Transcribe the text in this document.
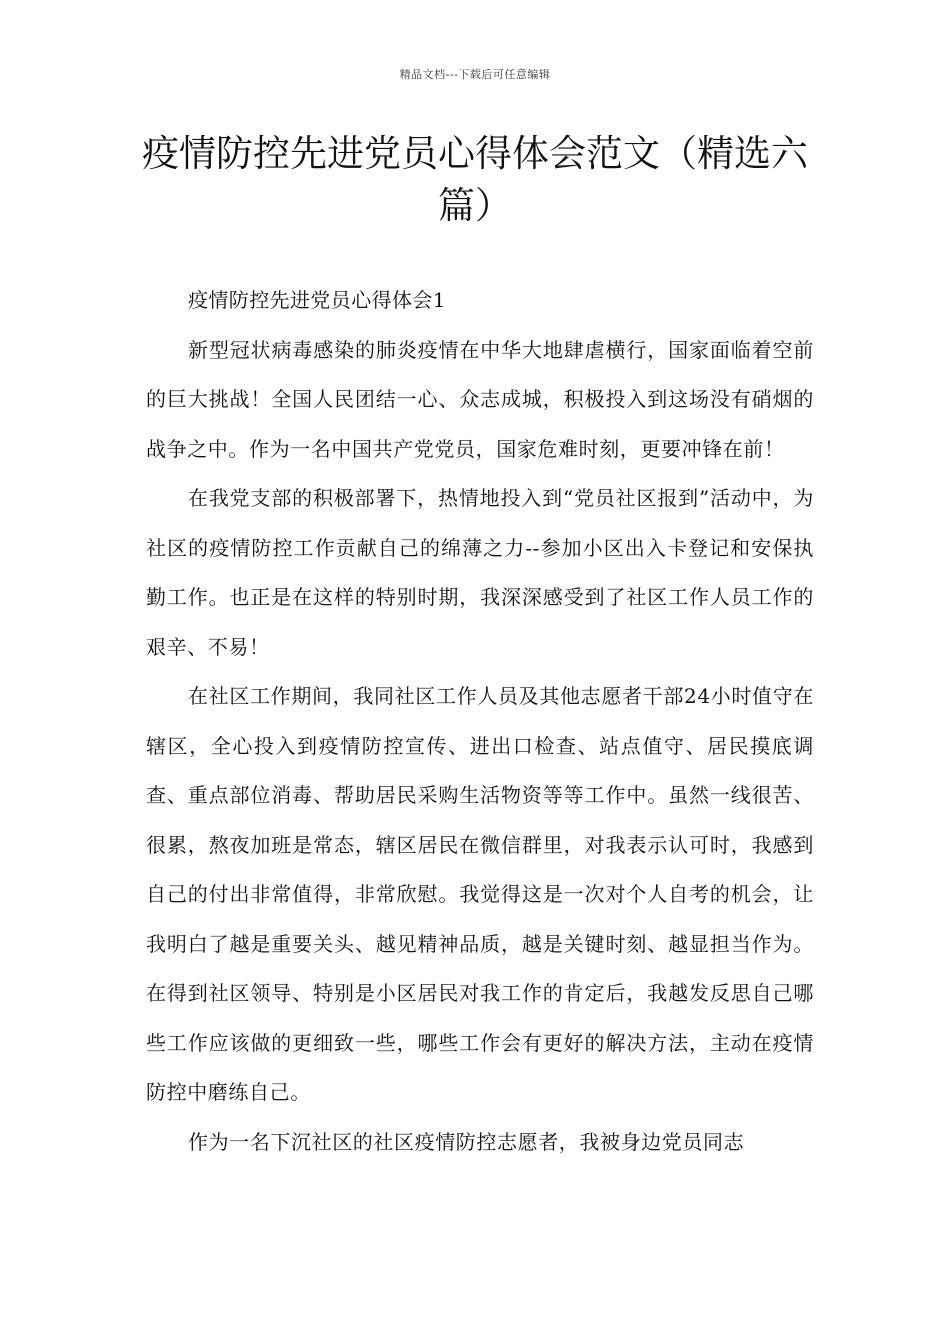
精品文档---下载后可任意编辑
疫情防控先进党员心得体会范文（精选六篇）

疫情防控先进党员心得体会1

新型冠状病毒感染的肺炎疫情在中华大地肆虐横行，国家面临着空前的巨大挑战！全国人民团结一心、众志成城，积极投入到这场没有硝烟的战争之中。作为一名中国共产党党员，国家危难时刻，更要冲锋在前！

在我党支部的积极部署下，热情地投入到“党员社区报到”活动中，为社区的疫情防控工作贡献自己的绵薄之力--参加小区出入卡登记和安保执勤工作。也正是在这样的特别时期，我深深感受到了社区工作人员工作的艰辛、不易！

在社区工作期间，我同社区工作人员及其他志愿者干部24小时值守在辖区，全心投入到疫情防控宣传、进出口检查、站点值守、居民摸底调查、重点部位消毒、帮助居民采购生活物资等等工作中。虽然一线很苦、很累，熬夜加班是常态，辖区居民在微信群里，对我表示认可时，我感到自己的付出非常值得，非常欣慰。我觉得这是一次对个人自考的机会，让我明白了越是重要关头、越见精神品质，越是关键时刻、越显担当作为。在得到社区领导、特别是小区居民对我工作的肯定后，我越发反思自己哪些工作应该做的更细致一些，哪些工作会有更好的解决方法，主动在疫情防控中磨练自己。

作为一名下沉社区的社区疫情防控志愿者，我被身边党员同志
